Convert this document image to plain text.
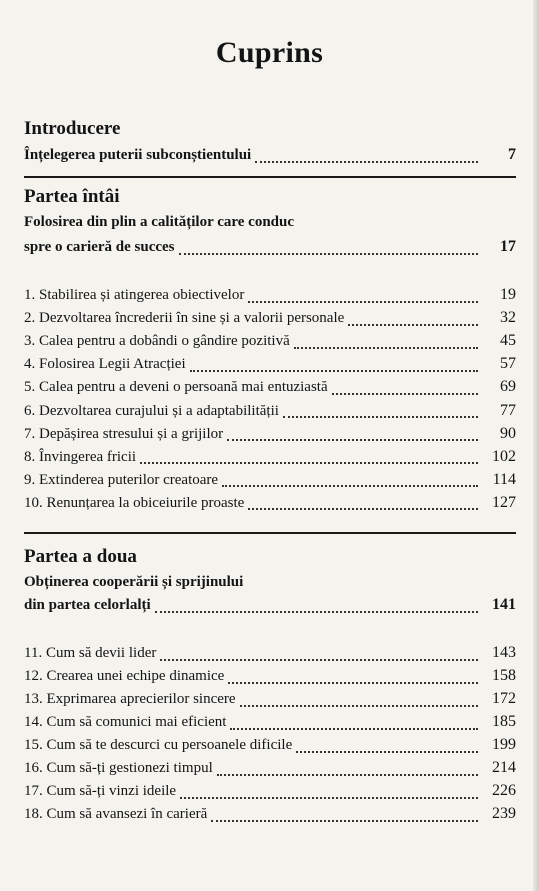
Cuprins
Introducere
Înțelegerea puterii subconștientului	7
Partea întâi
Folosirea din plin a calităților care conduc
spre o carieră de succes	17
1. Stabilirea și atingerea obiectivelor	19
2. Dezvoltarea încrederii în sine și a valorii personale	32
3. Calea pentru a dobândi o gândire pozitivă	45
4. Folosirea Legii Atracției	57
5. Calea pentru a deveni o persoană mai entuziastă	69
6. Dezvoltarea curajului și a adaptabilității	77
7. Depășirea stresului și a grijilor	90
8. Învingerea fricii	102
9. Extinderea puterilor creatoare	114
10. Renunțarea la obiceiurile proaste	127
Partea a doua
Obținerea cooperării și sprijinului
din partea celorlalți	141
11. Cum să devii lider	143
12. Crearea unei echipe dinamice	158
13. Exprimarea aprecierilor sincere	172
14. Cum să comunici mai eficient	185
15. Cum să te descurci cu persoanele dificile	199
16. Cum să-ți gestionezi timpul	214
17. Cum să-ți vinzi ideile	226
18. Cum să avansezi în carieră	239
